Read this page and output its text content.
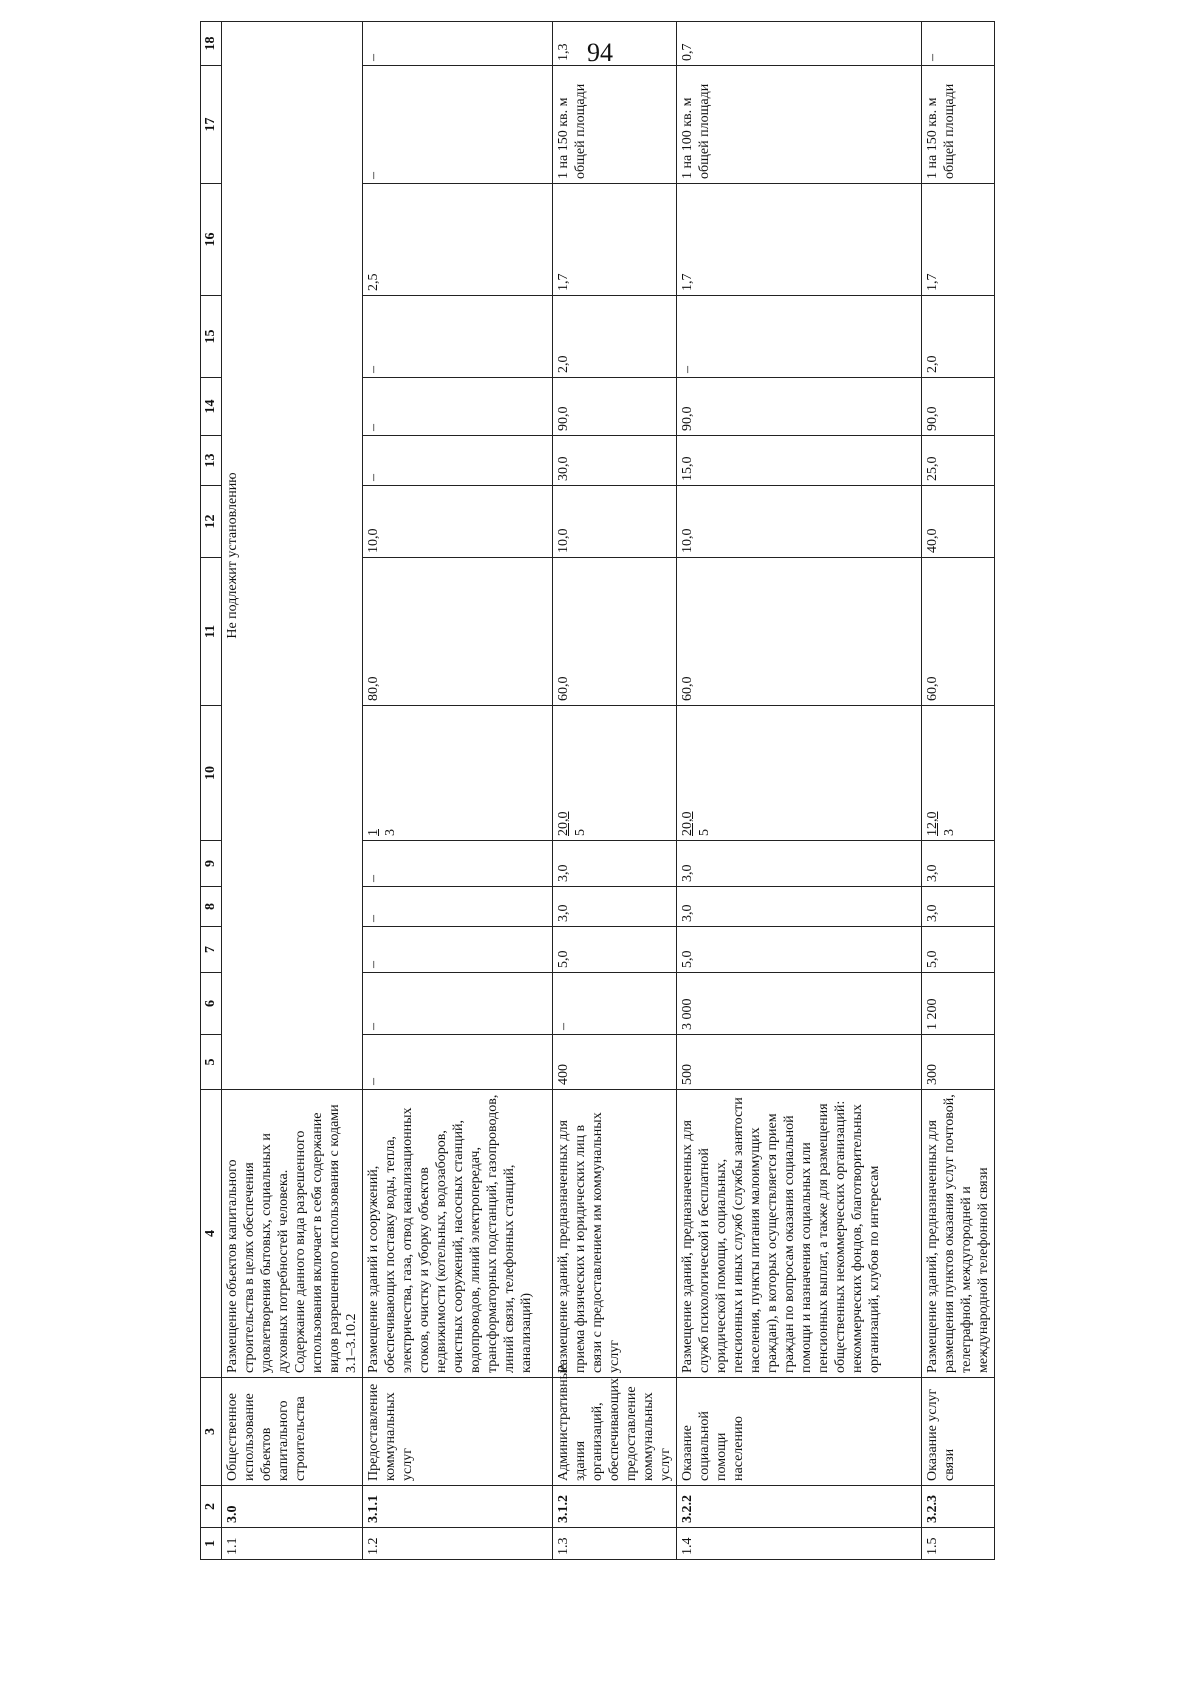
94
1	2	3	4	5	6	7	8	9	10	11	12	13	14	15	16	17	18
1.1	3.0	Общественное использование объектов капитального строительства	Размещение объектов капитального строительства в целях обеспечения удовлетворения бытовых, социальных и духовных потребностей человека. Содержание данного вида разрешенного использования включает в себя содержание видов разрешенного использования с кодами 3.1–3.10.2	Не подлежит установлению													
1.2	3.1.1	Предоставление коммунальных услуг	Размещение зданий и сооружений, обеспечивающих поставку воды, тепла, электричества, газа, отвод канализационных стоков, очистку и уборку объектов недвижимости (котельных, водозаборов, очистных сооружений, насосных станций, водопроводов, линий электропередач, трансформаторных подстанций, газопроводов, линий связи, телефонных станций, канализаций)	–	–	–	–	–	1 3	80,0	10,0	–	–	–	2,5	–	–
1.3	3.1.2	Административные здания организаций, обеспечивающих предоставление коммунальных услуг	Размещение зданий, предназначенных для приема физических и юридических лиц в связи с предоставлением им коммунальных услуг	400	–	5,0	3,0	3,0	20,0 5	60,0	10,0	30,0	90,0	2,0	1,7	1 на 150 кв. м общей площади	1,3
1.4	3.2.2	Оказание социальной помощи населению	Размещение зданий, предназначенных для служб психологической и бесплатной юридической помощи, социальных, пенсионных и иных служб (службы занятости населения, пункты питания малоимущих граждан), в которых осуществляется прием граждан по вопросам оказания социальной помощи и назначения социальных или пенсионных выплат, а также для размещения общественных некоммерческих организаций: некоммерческих фондов, благотворительных организаций, клубов по интересам	500	3 000	5,0	3,0	3,0	20,0 5	60,0	10,0	15,0	90,0	–	1,7	1 на 100 кв. м общей площади	0,7
1.5	3.2.3	Оказание услуг связи	Размещение зданий, предназначенных для размещения пунктов оказания услуг почтовой, телеграфной, междугородней и международной телефонной связи	300	1 200	5,0	3,0	3,0	12,0 3	60,0	40,0	25,0	90,0	2,0	1,7	1 на 150 кв. м общей площади	–
